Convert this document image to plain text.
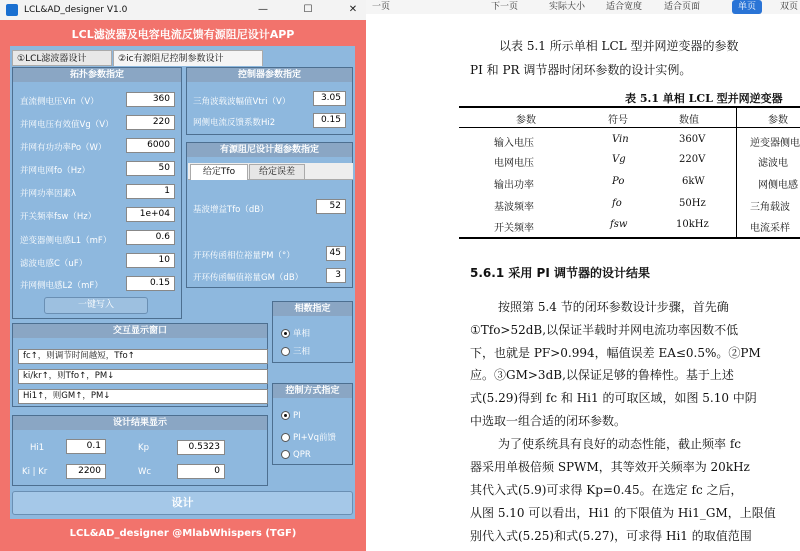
LCL&AD_designer V1.0	—	☐	✕
LCL滤波器及电容电流反馈有源阻尼设计APP
①LCL滤波器设计	②ic有源阻尼控制参数设计
拓扑参数指定
直流侧电压Vin（V）	360
并网电压有效值Vg（V）	220
并网有功功率Po（W）	6000
并网电网fo（Hz）	50
并网功率因素λ	1
开关频率fsw（Hz）	1e+04
逆变器侧电感L1（mF）	0.6
滤波电感C（uF）	10
并网侧电感L2（mF）	0.15
一键写入
控制器参数指定
三角波载波幅值Vtri（V）	3.05
网侧电流反馈系数Hi2	0.15
有源阻尼设计超参数指定
给定Tfo	给定误差
基波增益Tfo（dB）	52
开环传函相位裕量PM（°）	45
开环传函幅值裕量GM（dB）	3
交互显示窗口
fc↑，则调节时间越短，Tfo↑
ki/kr↑，则Tfo↑，PM↓
Hi1↑，则GM↑，PM↓
相数指定
单相
三相
控制方式指定
PI
PI+Vq前馈
QPR
设计结果显示
Hi1	0.1	Kp	0.5323
Ki | Kr	2200	Wc	0
设计
LCL&AD_designer @MlabWhispers (TGF)
一页	下一页	实际大小 适合宽度 适合页面	单页	双页
以表 5.1 所示单相 LCL 型并网逆变器的参数
PI 和 PR 调节器时闭环参数的设计实例。
表 5.1 单相 LCL 型并网逆变器
参数	符号	数值	参数
输入电压	Vin	360V	逆变器侧电
电网电压	Vg	220V	滤波电
输出功率	Po	6kW	网侧电感
基波频率	fo	50Hz	三角载波
开关频率	fsw	10kHz	电流采样
5.6.1 采用 PI 调节器的设计结果
按照第 5.4 节的闭环参数设计步骤，首先确
①Tfo>52dB,以保证半载时并网电流功率因数不低
下，也就是 PF>0.994，幅值误差 EA≤0.5%。②PM
应。③GM>3dB,以保证足够的鲁棒性。基于上述
式(5.29)得到 fc 和 Hi1 的可取区域，如图 5.10 中阴
中选取一组合适的闭环参数。
为了使系统具有良好的动态性能，截止频率 fc
器采用单极倍频 SPWM，其等效开关频率为 20kHz
其代入式(5.9)可求得 Kp=0.45。在选定 fc 之后，
从图 5.10 可以看出，Hi1 的下限值为 Hi1_GM，上限值
别代入式(5.25)和式(5.27)，可求得 Hi1 的取值范围
